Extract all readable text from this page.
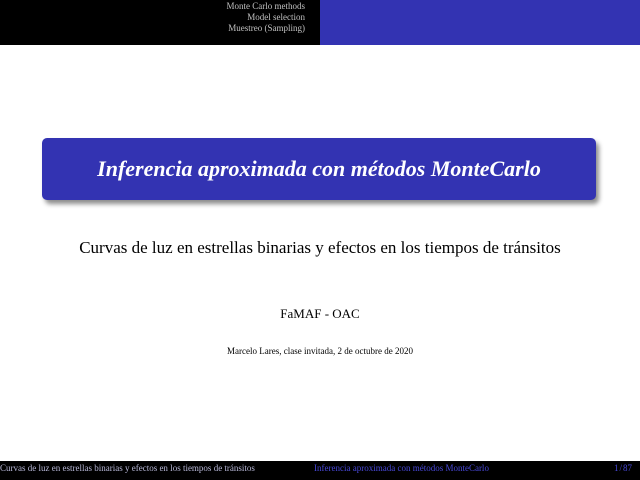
Monte Carlo methods
Model selection
Muestreo (Sampling)
Inferencia aproximada con métodos MonteCarlo
Curvas de luz en estrellas binarias y efectos en los tiempos de tránsitos
FaMAF - OAC
Marcelo Lares, clase invitada, 2 de octubre de 2020
Curvas de luz en estrellas binarias y efectos en los tiempos de tránsitos	Inferencia aproximada con métodos MonteCarlo	1/87
